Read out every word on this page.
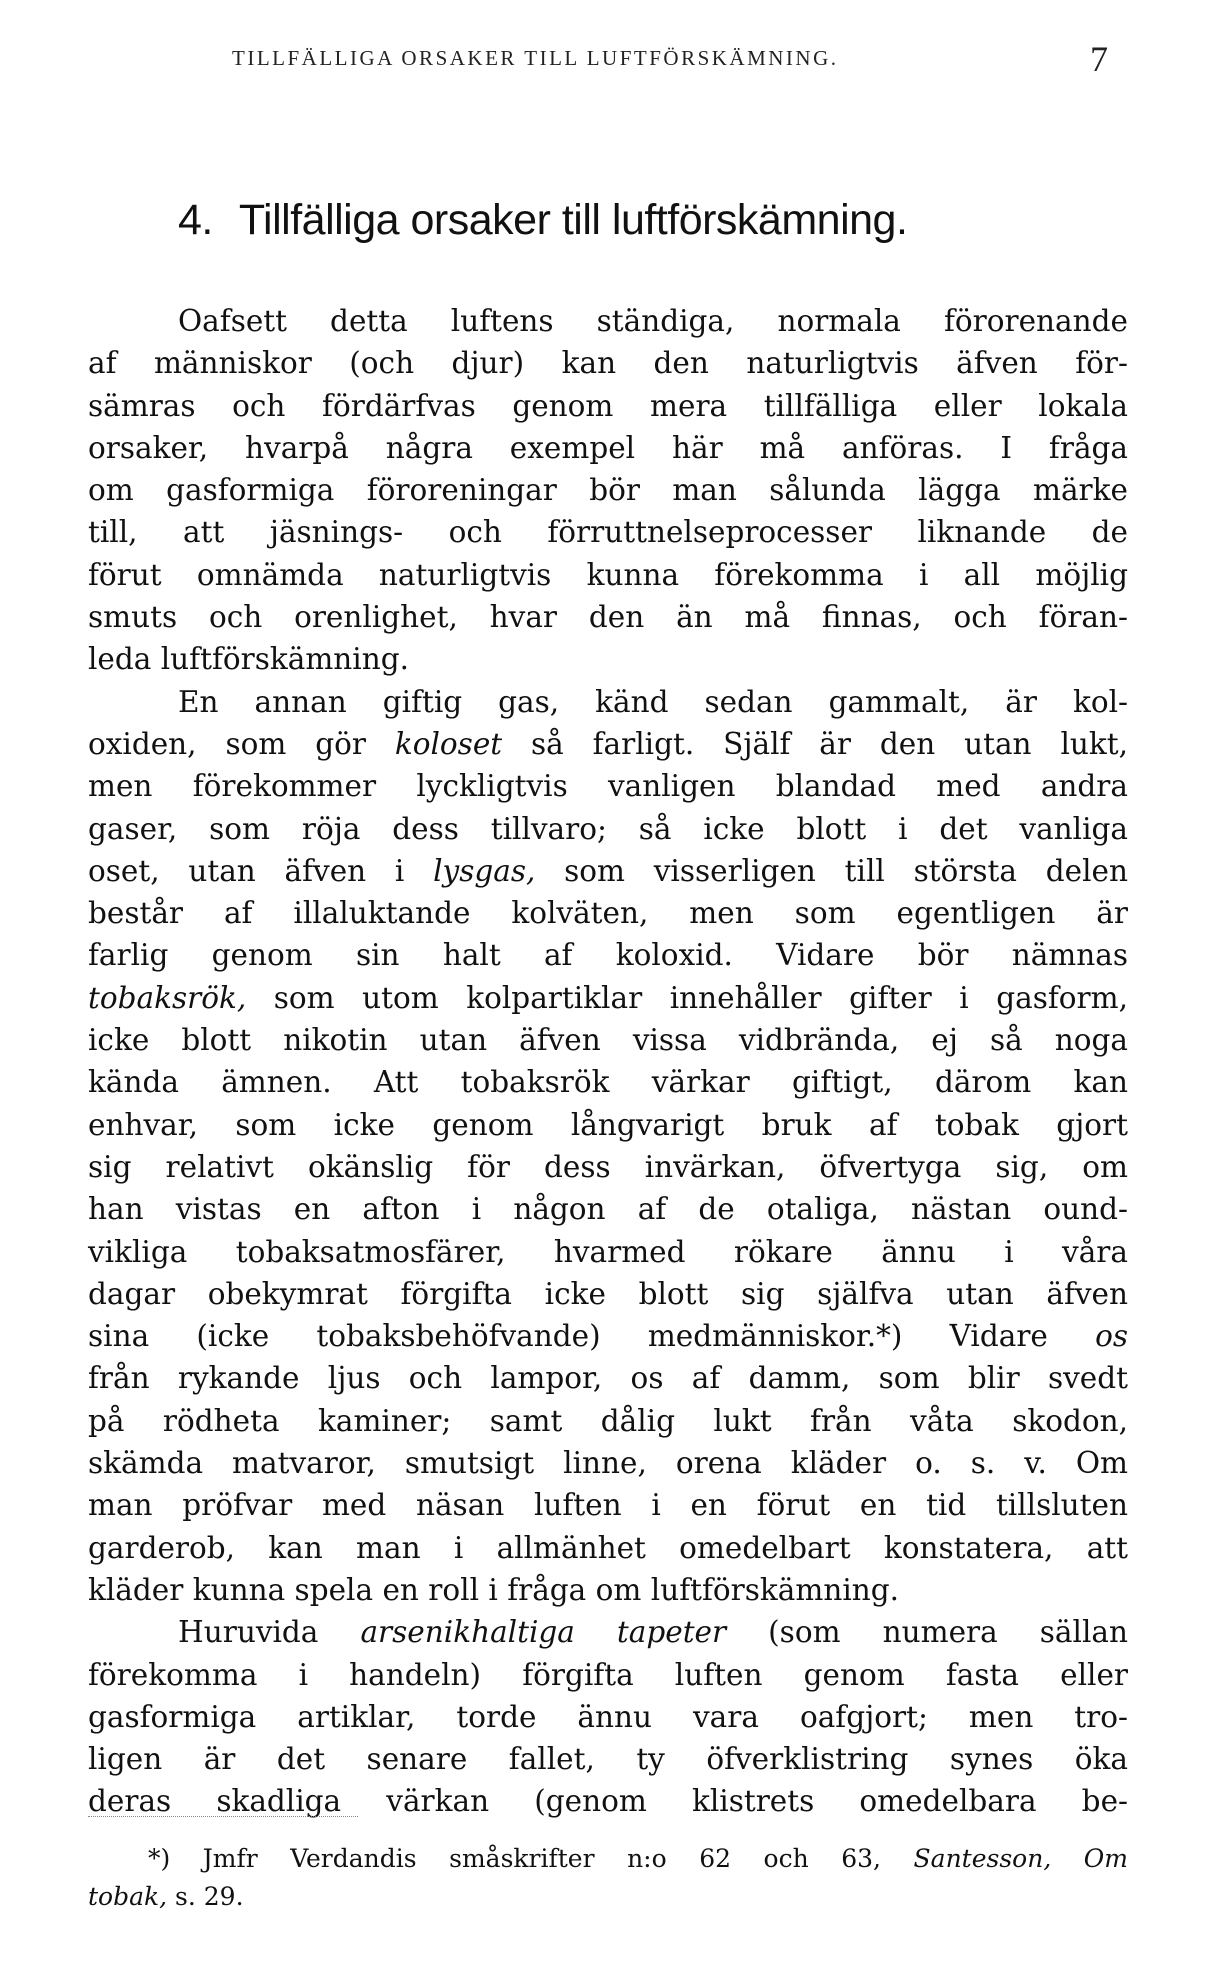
TILLFÄLLIGA ORSAKER TILL LUFTFÖRSKÄMNING.	7
4. Tillfälliga orsaker till luftförskämning.
Oafsett detta luftens ständiga, normala förorenande
af människor (och djur) kan den naturligtvis äfven för-
sämras och fördärfvas genom mera tillfälliga eller lokala
orsaker, hvarpå några exempel här må anföras. I fråga
om gasformiga föroreningar bör man sålunda lägga märke
till, att jäsnings- och förruttnelseprocesser liknande de
förut omnämda naturligtvis kunna förekomma i all möjlig
smuts och orenlighet, hvar den än må finnas, och föran-
leda luftförskämning.
En annan giftig gas, känd sedan gammalt, är kol-
oxiden, som gör koloset så farligt. Själf är den utan lukt,
men förekommer lyckligtvis vanligen blandad med andra
gaser, som röja dess tillvaro; så icke blott i det vanliga
oset, utan äfven i lysgas, som visserligen till största delen
består af illaluktande kolväten, men som egentligen är
farlig genom sin halt af koloxid. Vidare bör nämnas
tobaksrök, som utom kolpartiklar innehåller gifter i gasform,
icke blott nikotin utan äfven vissa vidbrända, ej så noga
kända ämnen. Att tobaksrök värkar giftigt, därom kan
enhvar, som icke genom långvarigt bruk af tobak gjort
sig relativt okänslig för dess invärkan, öfvertyga sig, om
han vistas en afton i någon af de otaliga, nästan ound-
vikliga tobaksatmosfärer, hvarmed rökare ännu i våra
dagar obekymrat förgifta icke blott sig själfva utan äfven
sina (icke tobaksbehöfvande) medmänniskor.*) Vidare os
från rykande ljus och lampor, os af damm, som blir svedt
på rödheta kaminer; samt dålig lukt från våta skodon,
skämda matvaror, smutsigt linne, orena kläder o. s. v. Om
man pröfvar med näsan luften i en förut en tid tillsluten
garderob, kan man i allmänhet omedelbart konstatera, att
kläder kunna spela en roll i fråga om luftförskämning.
Huruvida arsenikhaltiga tapeter (som numera sällan
förekomma i handeln) förgifta luften genom fasta eller
gasformiga artiklar, torde ännu vara oafgjort; men tro-
ligen är det senare fallet, ty öfverklistring synes öka
deras skadliga värkan (genom klistrets omedelbara be-
*) Jmfr Verdandis småskrifter n:o 62 och 63, Santesson, Om
tobak, s. 29.
